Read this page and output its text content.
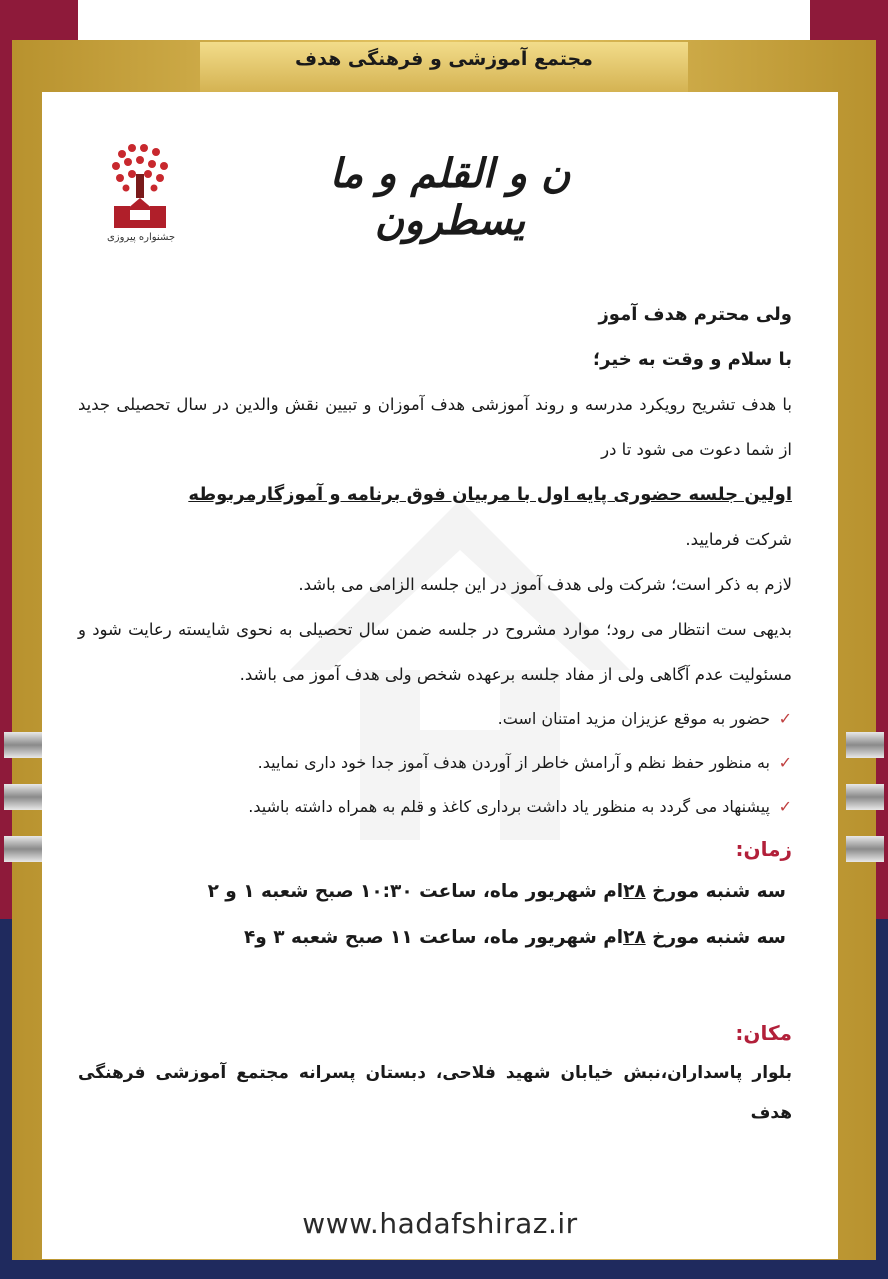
مجتمع آموزشی و فرهنگی هدف
جشنواره پیروزی
ن و القلم و ما یسطرون
ولی محترم هدف آموز
با سلام و وقت به خیر؛
با هدف تشریح رویکرد مدرسه و روند آموزشی هدف آموزان و تبیین نقش والدین در سال تحصیلی جدید از شما دعوت می شود تا در
اولین جلسه حضوری پایه اول با مربیان فوق برنامه و آموزگارمربوطه
شرکت فرمایید.
لازم به ذکر است؛ شرکت ولی هدف آموز در این جلسه الزامی می باشد.
بدیهی ست انتظار می رود؛ موارد مشروح در جلسه ضمن سال تحصیلی به نحوی شایسته رعایت شود و مسئولیت عدم آگاهی ولی از مفاد جلسه برعهده شخص ولی هدف آموز می باشد.
✓
حضور به موقع عزیزان مزید امتنان است.
✓
به منظور حفظ نظم و آرامش خاطر از آوردن هدف آموز جدا خود داری نمایید.
✓
پیشنهاد می گردد به منظور یاد داشت برداری کاغذ و قلم به همراه داشته باشید.
زمان:
سه شنبه مورخ ۲۸ام شهریور ماه، ساعت ۱۰:۳۰ صبح شعبه ۱ و ۲
سه شنبه مورخ ۲۸ام شهریور ماه، ساعت ۱۱ صبح شعبه ۳ و۴
مکان:
بلوار پاسداران،نبش خیابان شهید فلاحی، دبستان پسرانه مجتمع آموزشی فرهنگی هدف
www.hadafshiraz.ir
